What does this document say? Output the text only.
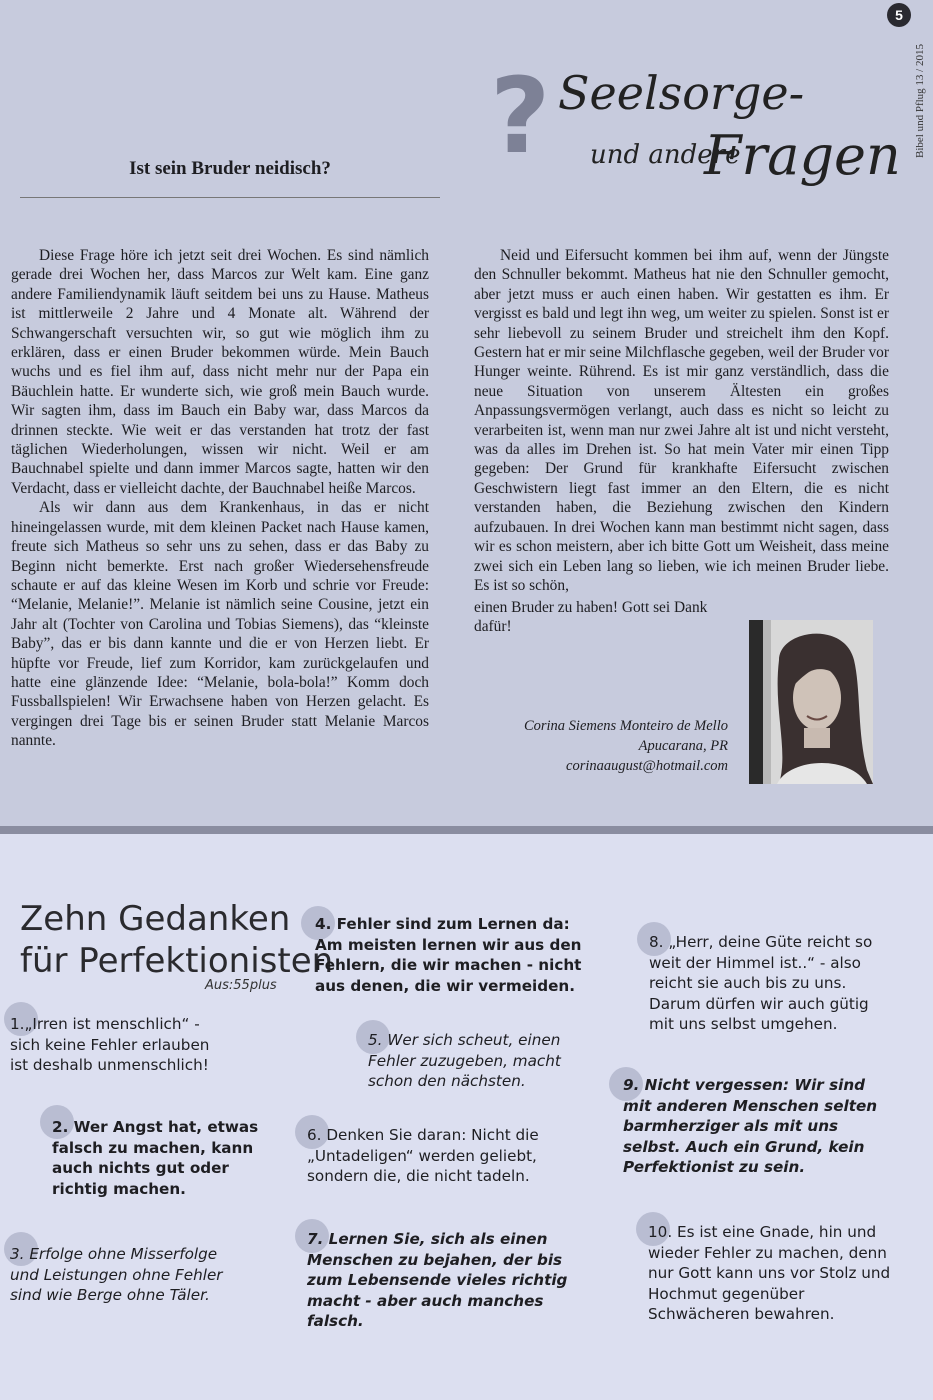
5
Bibel und Pflug 13 / 2015
? Seelsorge-
und andere
Fragen
Ist sein Bruder neidisch?

Diese Frage höre ich jetzt seit drei Wochen. Es sind nämlich gerade drei Wochen her, dass Marcos zur Welt kam. Eine ganz andere Familiendynamik läuft seitdem bei uns zu Hause. Matheus ist mittlerweile 2 Jahre und 4 Monate alt. Während der Schwangerschaft versuchten wir, so gut wie möglich ihm zu erklären, dass er einen Bruder bekommen würde. Mein Bauch wuchs und es fiel ihm auf, dass nicht mehr nur der Papa ein Bäuchlein hatte. Er wunderte sich, wie groß mein Bauch wurde. Wir sagten ihm, dass im Bauch ein Baby war, dass Marcos da drinnen steckte. Wie weit er das verstanden hat trotz der fast täglichen Wiederholungen, wissen wir nicht. Weil er am Bauchnabel spielte und dann immer Marcos sagte, hatten wir den Verdacht, dass er vielleicht dachte, der Bauchnabel heiße Marcos.

Als wir dann aus dem Krankenhaus, in das er nicht hineingelassen wurde, mit dem kleinen Packet nach Hause kamen, freute sich Matheus so sehr uns zu sehen, dass er das Baby zu Beginn nicht bemerkte. Erst nach großer Wiedersehensfreude schaute er auf das kleine Wesen im Korb und schrie vor Freude: “Melanie, Melanie!”. Melanie ist nämlich seine Cousine, jetzt ein Jahr alt (Tochter von Carolina und Tobias Siemens), das “kleinste Baby”, das er bis dann kannte und die er von Herzen liebt. Er hüpfte vor Freude, lief zum Korridor, kam zurückgelaufen und hatte eine glänzende Idee: “Melanie, bola-bola!” Komm doch Fussballspielen! Wir Erwachsene haben von Herzen gelacht. Es vergingen drei Tage bis er seinen Bruder statt Melanie Marcos nannte.

Neid und Eifersucht kommen bei ihm auf, wenn der Jüngste den Schnuller bekommt. Matheus hat nie den Schnuller gemocht, aber jetzt muss er auch einen haben. Wir gestatten es ihm. Er vergisst es bald und legt ihn weg, um weiter zu spielen. Sonst ist er sehr liebevoll zu seinem Bruder und streichelt ihm den Kopf. Gestern hat er mir seine Milchflasche gegeben, weil der Bruder vor Hunger weinte. Rührend. Es ist mir ganz verständlich, dass die neue Situation von unserem Ältesten ein großes Anpassungsvermögen verlangt, auch dass es nicht so leicht zu verarbeiten ist, wenn man nur zwei Jahre alt ist und nicht versteht, was da alles im Drehen ist. So hat mein Vater mir einen Tipp gegeben: Der Grund für krankhafte Eifersucht zwischen Geschwistern liegt fast immer an den Eltern, die es nicht verstanden haben, die Beziehung zwischen den Kindern aufzubauen. In drei Wochen kann man bestimmt nicht sagen, dass wir es schon meistern, aber ich bitte Gott um Weisheit, dass meine zwei sich ein Leben lang so lieben, wie ich meinen Bruder liebe. Es ist so schön,

einen Bruder zu haben! Gott sei Dank dafür!

Corina Siemens Monteiro de Mello
Apucarana, PR
corinaaugust@hotmail.com
Zehn Gedanken
für Perfektionisten
Aus:55plus
1.„Irren ist menschlich“ - sich keine Fehler erlauben ist deshalb unmenschlich!
2. Wer Angst hat, etwas falsch zu machen, kann auch nichts gut oder richtig machen.
3. Erfolge ohne Misserfolge und Leistungen ohne Fehler sind wie Berge ohne Täler.
4. Fehler sind zum Lernen da: Am meisten lernen wir aus den Fehlern, die wir machen - nicht aus denen, die wir vermeiden.
5. Wer sich scheut, einen Fehler zuzugeben, macht schon den nächsten.
6. Denken Sie daran: Nicht die „Untadeligen“ werden geliebt, sondern die, die nicht tadeln.
7. Lernen Sie, sich als einen Menschen zu bejahen, der bis zum Lebensende vieles richtig macht - aber auch manches falsch.
8. „Herr, deine Güte reicht so weit der Himmel ist..“ - also reicht sie auch bis zu uns. Darum dürfen wir auch gütig mit uns selbst umgehen.
9. Nicht vergessen: Wir sind mit anderen Menschen selten barmherziger als mit uns selbst. Auch ein Grund, kein Perfektionist zu sein.
10. Es ist eine Gnade, hin und wieder Fehler zu machen, denn nur Gott kann uns vor Stolz und Hochmut gegenüber Schwächeren bewahren.
